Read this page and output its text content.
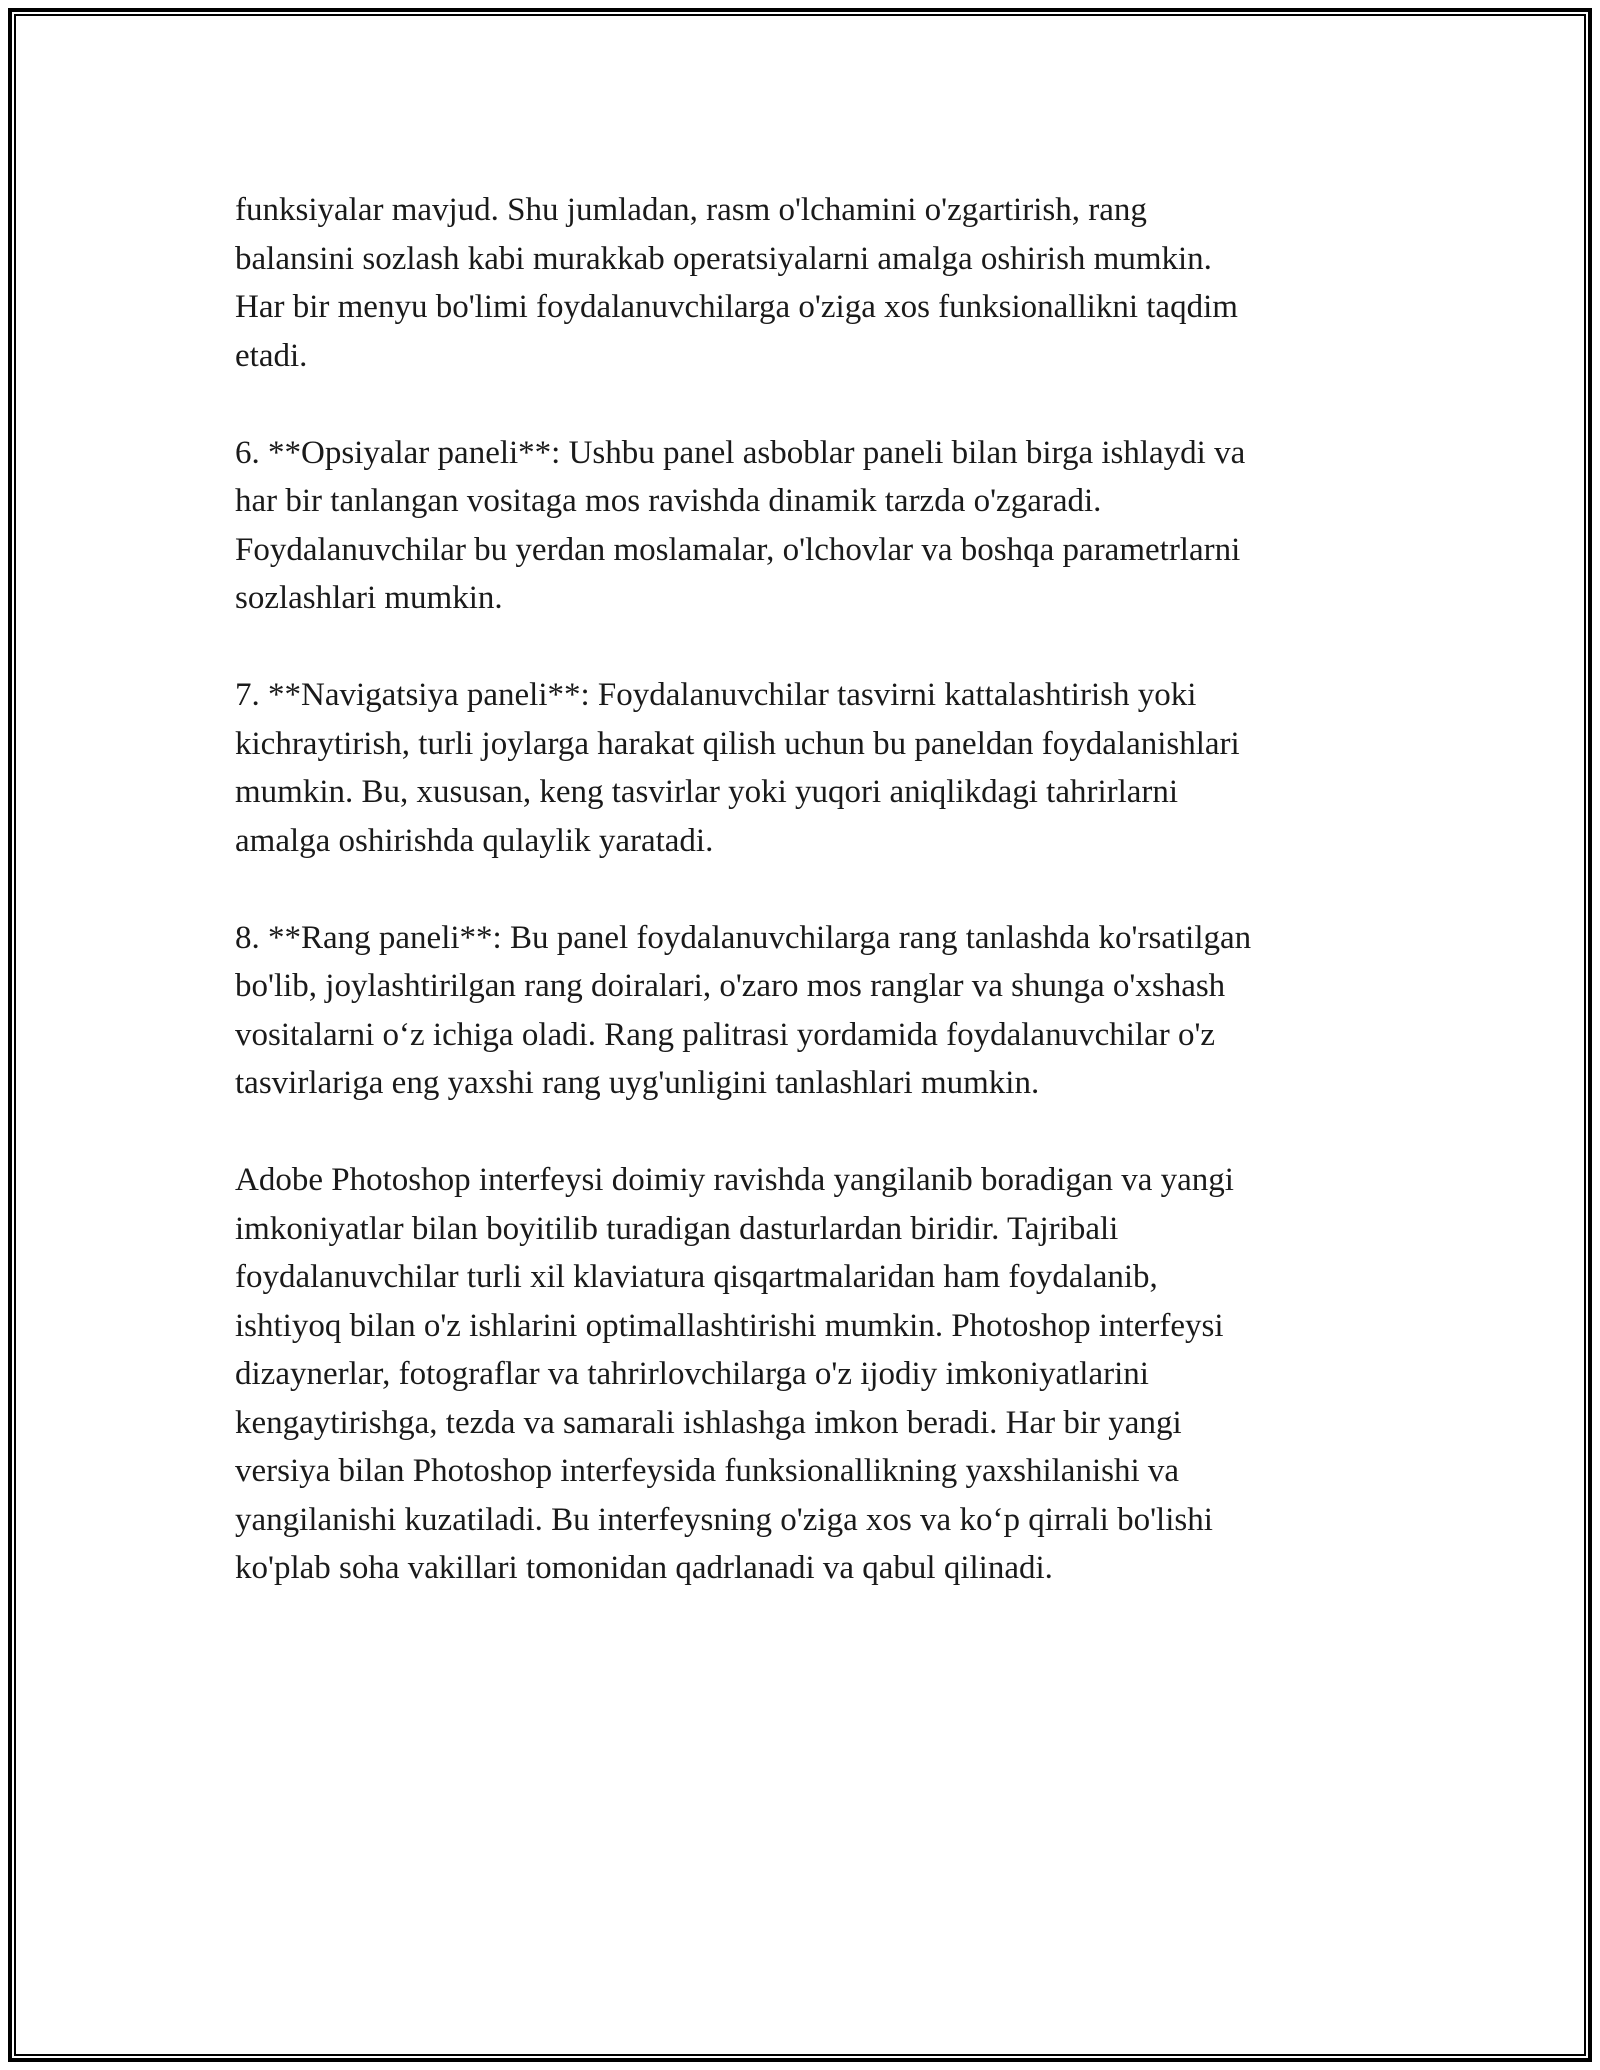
funksiyalar mavjud. Shu jumladan, rasm o'lchamini o'zgartirish, rang
balansini sozlash kabi murakkab operatsiyalarni amalga oshirish mumkin.
Har bir menyu bo'limi foydalanuvchilarga o'ziga xos funksionallikni taqdim
etadi.

6. **Opsiyalar paneli**: Ushbu panel asboblar paneli bilan birga ishlaydi va
har bir tanlangan vositaga mos ravishda dinamik tarzda o'zgaradi.
Foydalanuvchilar bu yerdan moslamalar, o'lchovlar va boshqa parametrlarni
sozlashlari mumkin.

7. **Navigatsiya paneli**: Foydalanuvchilar tasvirni kattalashtirish yoki
kichraytirish, turli joylarga harakat qilish uchun bu paneldan foydalanishlari
mumkin. Bu, xususan, keng tasvirlar yoki yuqori aniqlikdagi tahrirlarni
amalga oshirishda qulaylik yaratadi.

8. **Rang paneli**: Bu panel foydalanuvchilarga rang tanlashda ko'rsatilgan
bo'lib, joylashtirilgan rang doiralari, o'zaro mos ranglar va shunga o'xshash
vositalarni o‘z ichiga oladi. Rang palitrasi yordamida foydalanuvchilar o'z
tasvirlariga eng yaxshi rang uyg'unligini tanlashlari mumkin.

Adobe Photoshop interfeysi doimiy ravishda yangilanib boradigan va yangi
imkoniyatlar bilan boyitilib turadigan dasturlardan biridir. Tajribali
foydalanuvchilar turli xil klaviatura qisqartmalaridan ham foydalanib,
ishtiyoq bilan o'z ishlarini optimallashtirishi mumkin. Photoshop interfeysi
dizaynerlar, fotograflar va tahrirlovchilarga o'z ijodiy imkoniyatlarini
kengaytirishga, tezda va samarali ishlashga imkon beradi. Har bir yangi
versiya bilan Photoshop interfeysida funksionallikning yaxshilanishi va
yangilanishi kuzatiladi. Bu interfeysning o'ziga xos va ko‘p qirrali bo'lishi
ko'plab soha vakillari tomonidan qadrlanadi va qabul qilinadi.
